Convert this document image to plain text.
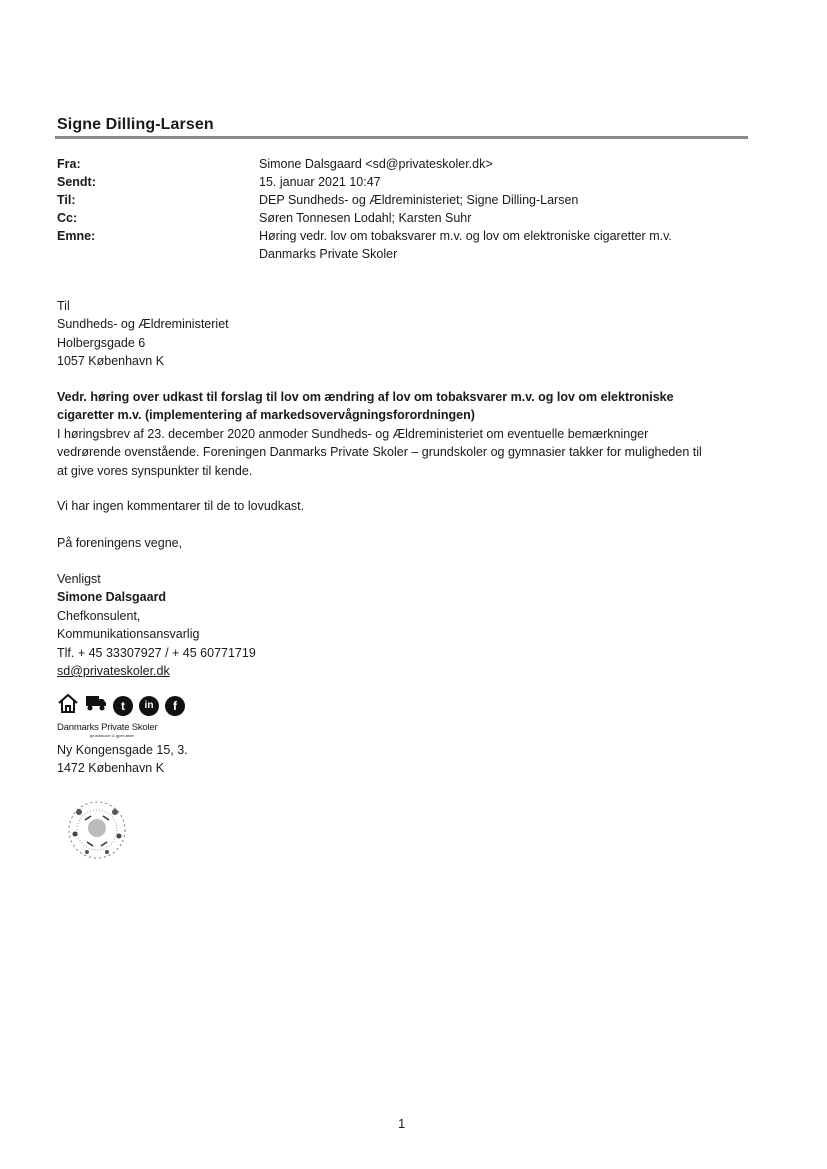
Signe Dilling-Larsen
Fra:	Simone Dalsgaard <sd@privateskoler.dk>
Sendt:	15. januar 2021 10:47
Til:	DEP Sundheds- og Ældreministeriet; Signe Dilling-Larsen
Cc:	Søren Tonnesen Lodahl; Karsten Suhr
Emne:	Høring vedr. lov om tobaksvarer m.v. og lov om elektroniske cigaretter m.v.
Danmarks Private Skoler
Til
Sundheds- og Ældreministeriet
Holbergsgade 6
1057 København K
Vedr. høring over udkast til forslag til lov om ændring af lov om tobaksvarer m.v. og lov om elektroniske
cigaretter m.v. (implementering af markedsovervågningsforordningen)
I høringsbrev af 23. december 2020 anmoder Sundheds- og Ældreministeriet om eventuelle bemærkninger
vedrørende ovenstående. Foreningen Danmarks Private Skoler – grundskoler og gymnasier takker for muligheden til
at give vores synspunkter til kende.
Vi har ingen kommentarer til de to lovudkast.
På foreningens vegne,
Venligst
Simone Dalsgaard
Chefkonsulent,
Kommunikationsansvarlig
Tlf. + 45 33307927 / + 45 60771719
sd@privateskoler.dk
t	in	f
Danmarks Private Skoler
grundskoler & gymnasier
Ny Kongensgade 15, 3.
1472 København K
1
